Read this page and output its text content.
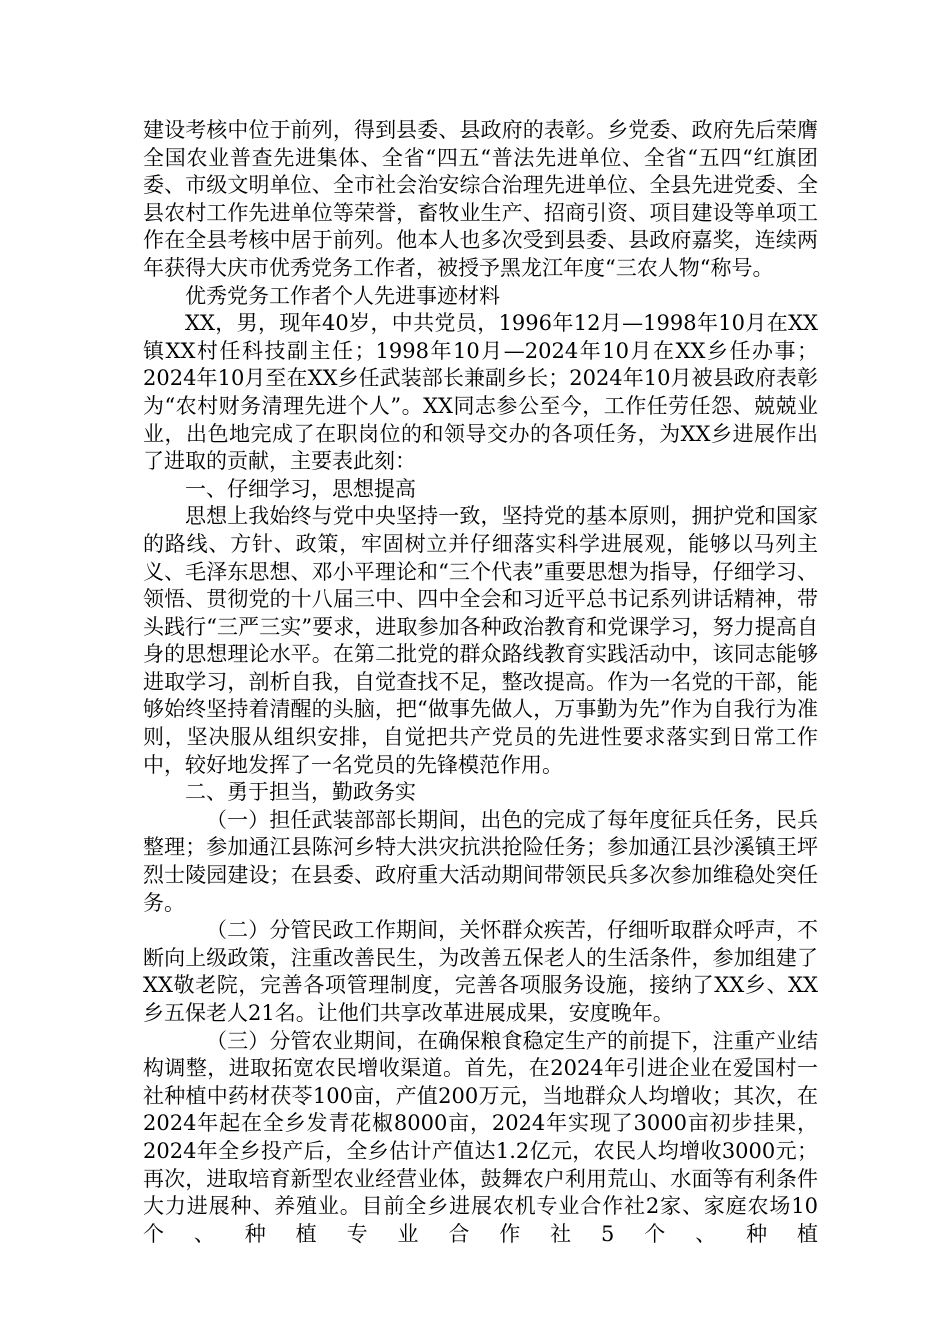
建设考核中位于前列，得到县委、县政府的表彰。乡党委、政府先后荣膺全国农业普查先进集体、全省“四五“普法先进单位、全省“五四“红旗团委、市级文明单位、全市社会治安综合治理先进单位、全县先进党委、全县农村工作先进单位等荣誉，畜牧业生产、招商引资、项目建设等单项工作在全县考核中居于前列。他本人也多次受到县委、县政府嘉奖，连续两年获得大庆市优秀党务工作者，被授予黑龙江年度“三农人物“称号。

优秀党务工作者个人先进事迹材料

XX，男，现年40岁，中共党员，1996年12月—1998年10月在XX镇XX村任科技副主任；1998年10月—2024年10月在XX乡任办事；2024年10月至在XX乡任武装部长兼副乡长；2024年10月被县政府表彰为“农村财务清理先进个人”。XX同志参公至今，工作任劳任怨、兢兢业业，出色地完成了在职岗位的和领导交办的各项任务，为XX乡进展作出了进取的贡献，主要表此刻：

一、仔细学习，思想提高

思想上我始终与党中央坚持一致，坚持党的基本原则，拥护党和国家的路线、方针、政策，牢固树立并仔细落实科学进展观，能够以马列主义、毛泽东思想、邓小平理论和“三个代表”重要思想为指导，仔细学习、领悟、贯彻党的十八届三中、四中全会和习近平总书记系列讲话精神，带头践行“三严三实”要求，进取参加各种政治教育和党课学习，努力提高自身的思想理论水平。在第二批党的群众路线教育实践活动中，该同志能够进取学习，剖析自我，自觉查找不足，整改提高。作为一名党的干部，能够始终坚持着清醒的头脑，把“做事先做人，万事勤为先”作为自我行为准则，坚决服从组织安排，自觉把共产党员的先进性要求落实到日常工作中，较好地发挥了一名党员的先锋模范作用。

二、勇于担当，勤政务实

（一）担任武装部部长期间，出色的完成了每年度征兵任务，民兵整理；参加通江县陈河乡特大洪灾抗洪抢险任务；参加通江县沙溪镇王坪烈士陵园建设；在县委、政府重大活动期间带领民兵多次参加维稳处突任务。

（二）分管民政工作期间，关怀群众疾苦，仔细听取群众呼声，不断向上级政策，注重改善民生，为改善五保老人的生活条件，参加组建了XX敬老院，完善各项管理制度，完善各项服务设施，接纳了XX乡、XX乡五保老人21名。让他们共享改革进展成果，安度晚年。

（三）分管农业期间，在确保粮食稳定生产的前提下，注重产业结构调整，进取拓宽农民增收渠道。首先，在2024年引进企业在爱国村一社种植中药材茯苓100亩，产值200万元，当地群众人均增收；其次，在2024年起在全乡发青花椒8000亩，2024年实现了3000亩初步挂果，2024年全乡投产后，全乡估计产值达1.2亿元，农民人均增收3000元；再次，进取培育新型农业经营业体，鼓舞农户利用荒山、水面等有利条件大力进展种、养殖业。目前全乡进展农机专业合作社2家、家庭农场10个、种植专业合作社5个、种植
